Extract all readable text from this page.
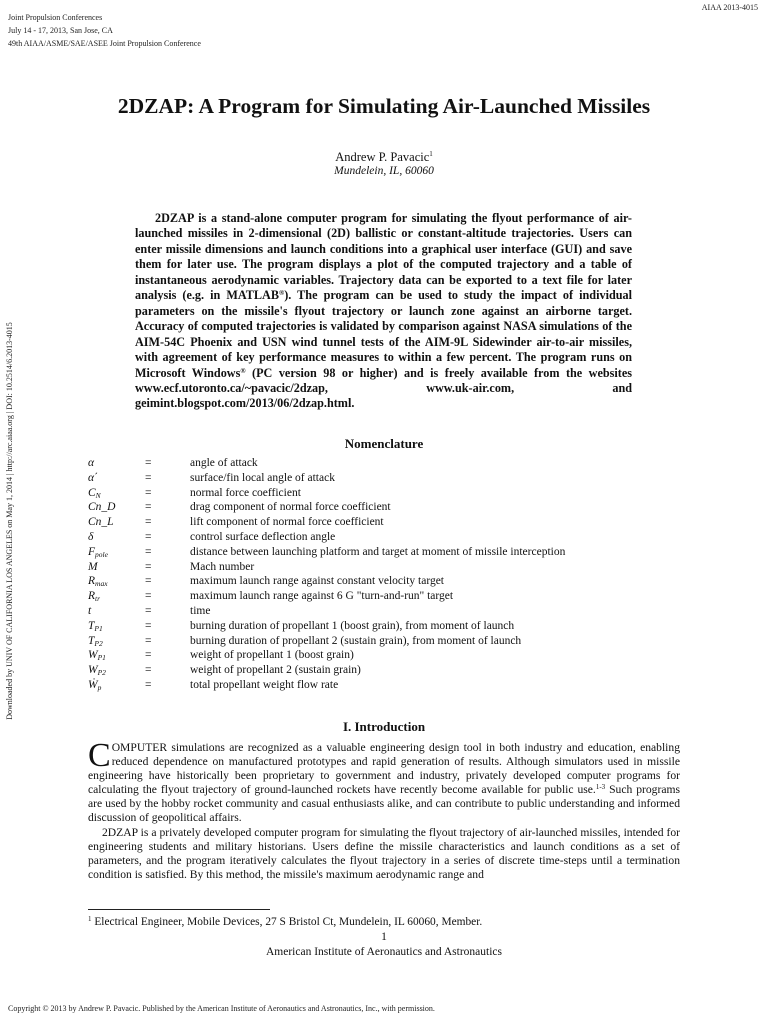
Joint Propulsion Conferences
July 14 - 17, 2013, San Jose, CA
49th AIAA/ASME/SAE/ASEE Joint Propulsion Conference
AIAA 2013-4015
Downloaded by UNIV OF CALIFORNIA LOS ANGELES on May 1, 2014 | http://arc.aiaa.org | DOI: 10.2514/6.2013-4015
2DZAP: A Program for Simulating Air-Launched Missiles
Andrew P. Pavacic$^1$
Mundelein, IL, 60060

2DZAP is a stand-alone computer program for simulating the flyout performance of air-launched missiles in 2-dimensional (2D) ballistic or constant-altitude trajectories. Users can enter missile dimensions and launch conditions into a graphical user interface (GUI) and save them for later use. The program displays a plot of the computed trajectory and a table of instantaneous aerodynamic variables. Trajectory data can be exported to a text file for later analysis (e.g. in MATLAB®). The program can be used to study the impact of individual parameters on the missile's flyout trajectory or launch zone against an airborne target. Accuracy of computed trajectories is validated by comparison against NASA simulations of the AIM-54C Phoenix and USN wind tunnel tests of the AIM-9L Sidewinder air-to-air missiles, with agreement of key performance measures to within a few percent. The program runs on Microsoft Windows® (PC version 98 or higher) and is freely available from the websites www.ecf.utoronto.ca/~pavacic/2dzap, www.uk-air.com, and geimint.blogspot.com/2013/06/2dzap.html.

Nomenclature
α	=	angle of attack
α΄	=	surface/fin local angle of attack
$C_N$	=	normal force coefficient
Cn_D	=	drag component of normal force coefficient
Cn_L	=	lift component of normal force coefficient
δ	=	control surface deflection angle
$F_{pole}$	=	distance between launching platform and target at moment of missile interception
M	=	Mach number
$R_{max}$	=	maximum launch range against constant velocity target
$R_{tr}$	=	maximum launch range against 6 G "turn-and-run" target
t	=	time
$T_{P1}$	=	burning duration of propellant 1 (boost grain), from moment of launch
$T_{P2}$	=	burning duration of propellant 2 (sustain grain), from moment of launch
$W_{P1}$	=	weight of propellant 1 (boost grain)
$W_{P2}$	=	weight of propellant 2 (sustain grain)
Ẇ$_p$	=	total propellant weight flow rate
I. Introduction

COMPUTER simulations are recognized as a valuable engineering design tool in both industry and education, enabling reduced dependence on manufactured prototypes and rapid generation of results. Although simulators used in missile engineering have historically been proprietary to government and industry, privately developed computer programs for calculating the flyout trajectory of ground-launched rockets have recently become available for public use.$^{1-3}$ Such programs are used by the hobby rocket community and casual enthusiasts alike, and can contribute to public understanding and informed discussion of geopolitical affairs.

2DZAP is a privately developed computer program for simulating the flyout trajectory of air-launched missiles, intended for engineering students and military historians. Users define the missile characteristics and launch conditions as a set of parameters, and the program iteratively calculates the flyout trajectory in a series of discrete time-steps until a termination condition is satisfied. By this method, the missile's maximum aerodynamic range and

$^1$ Electrical Engineer, Mobile Devices, 27 S Bristol Ct, Mundelein, IL 60060, Member.
1
American Institute of Aeronautics and Astronautics
Copyright © 2013 by Andrew P. Pavacic. Published by the American Institute of Aeronautics and Astronautics, Inc., with permission.
